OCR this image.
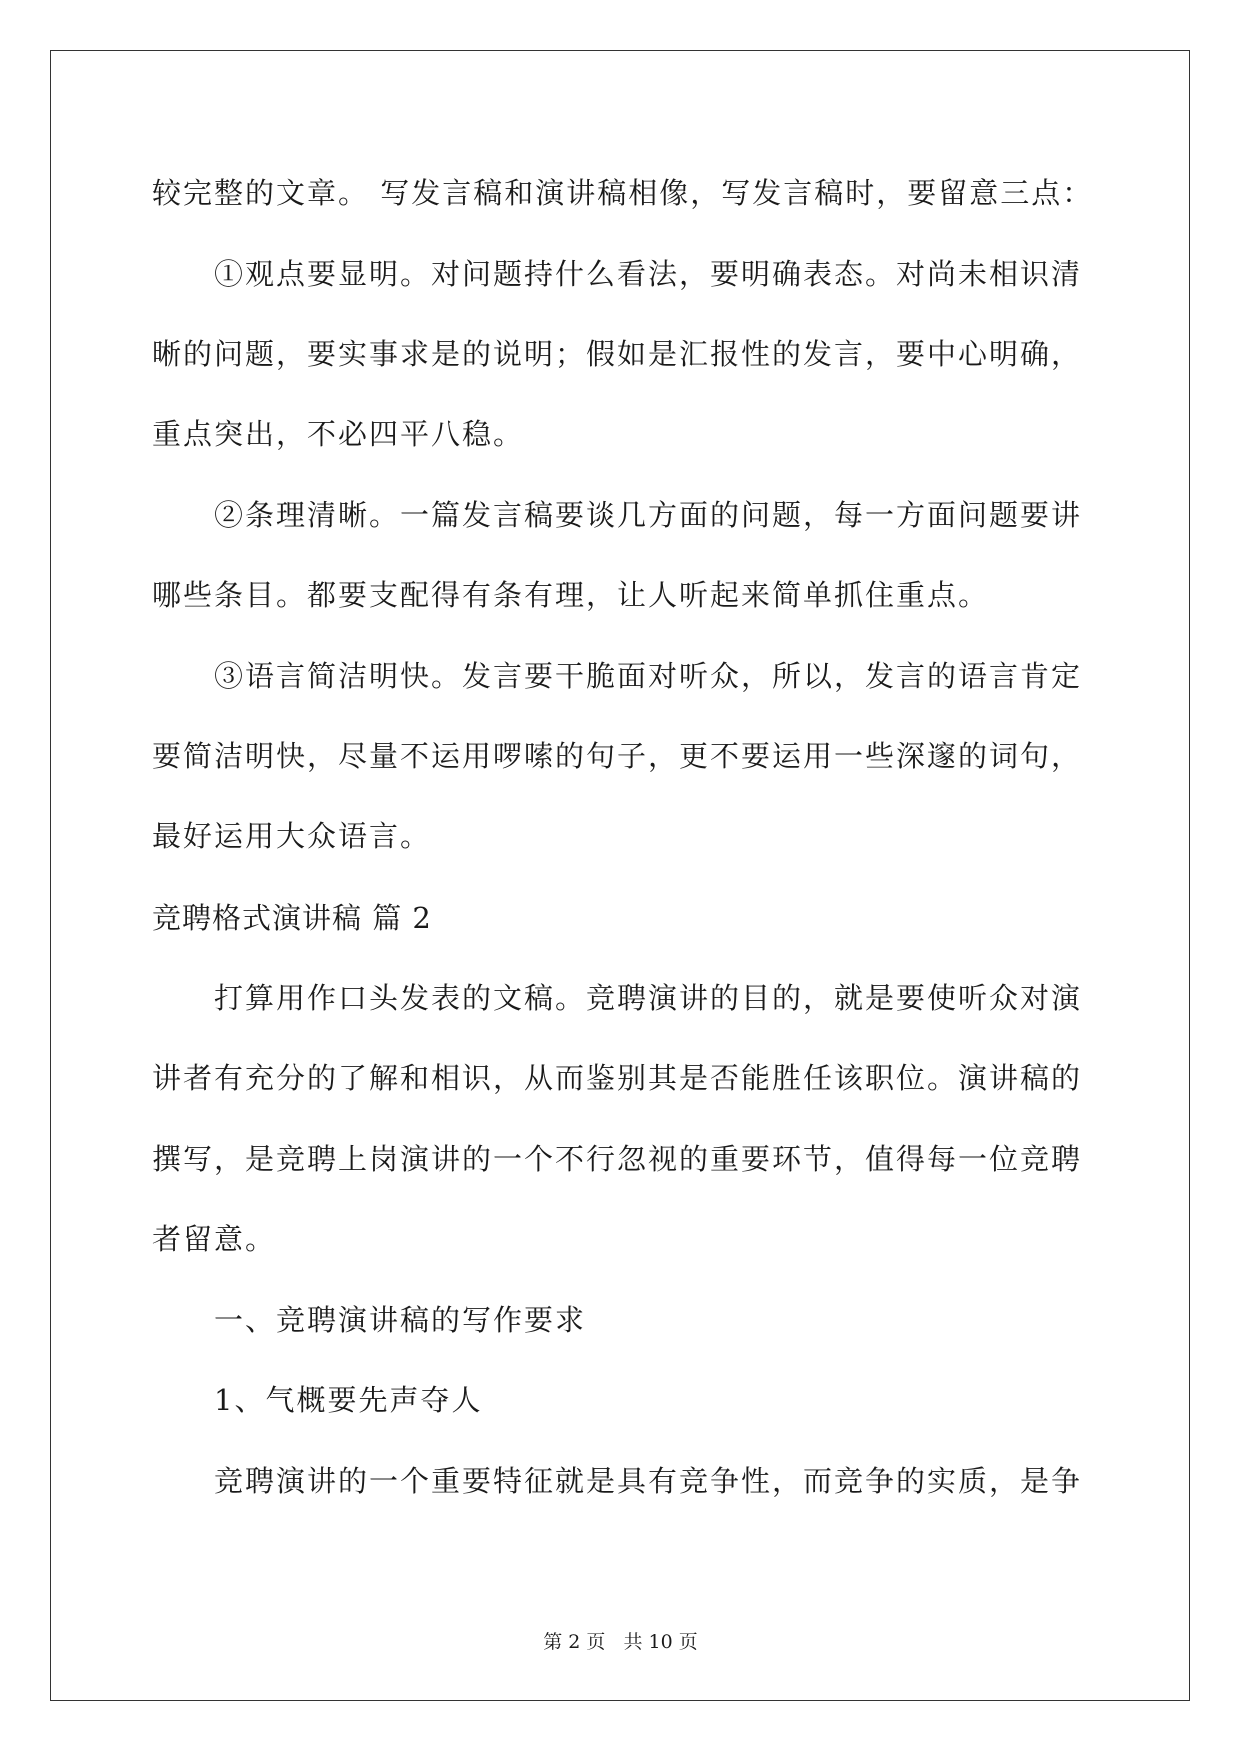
较完整的文章。 写发言稿和演讲稿相像，写发言稿时，要留意三点：
①观点要显明。对问题持什么看法，要明确表态。对尚未相识清
晰的问题，要实事求是的说明；假如是汇报性的发言，要中心明确，
重点突出，不必四平八稳。
②条理清晰。一篇发言稿要谈几方面的问题，每一方面问题要讲
哪些条目。都要支配得有条有理，让人听起来简单抓住重点。
③语言简洁明快。发言要干脆面对听众，所以，发言的语言肯定
要简洁明快，尽量不运用啰嗦的句子，更不要运用一些深邃的词句，
最好运用大众语言。
竞聘格式演讲稿 篇 2
打算用作口头发表的文稿。竞聘演讲的目的，就是要使听众对演
讲者有充分的了解和相识，从而鉴别其是否能胜任该职位。演讲稿的
撰写，是竞聘上岗演讲的一个不行忽视的重要环节，值得每一位竞聘
者留意。
一、竞聘演讲稿的写作要求
1、气概要先声夺人
竞聘演讲的一个重要特征就是具有竞争性，而竞争的实质，是争
第 2 页 共 10 页
